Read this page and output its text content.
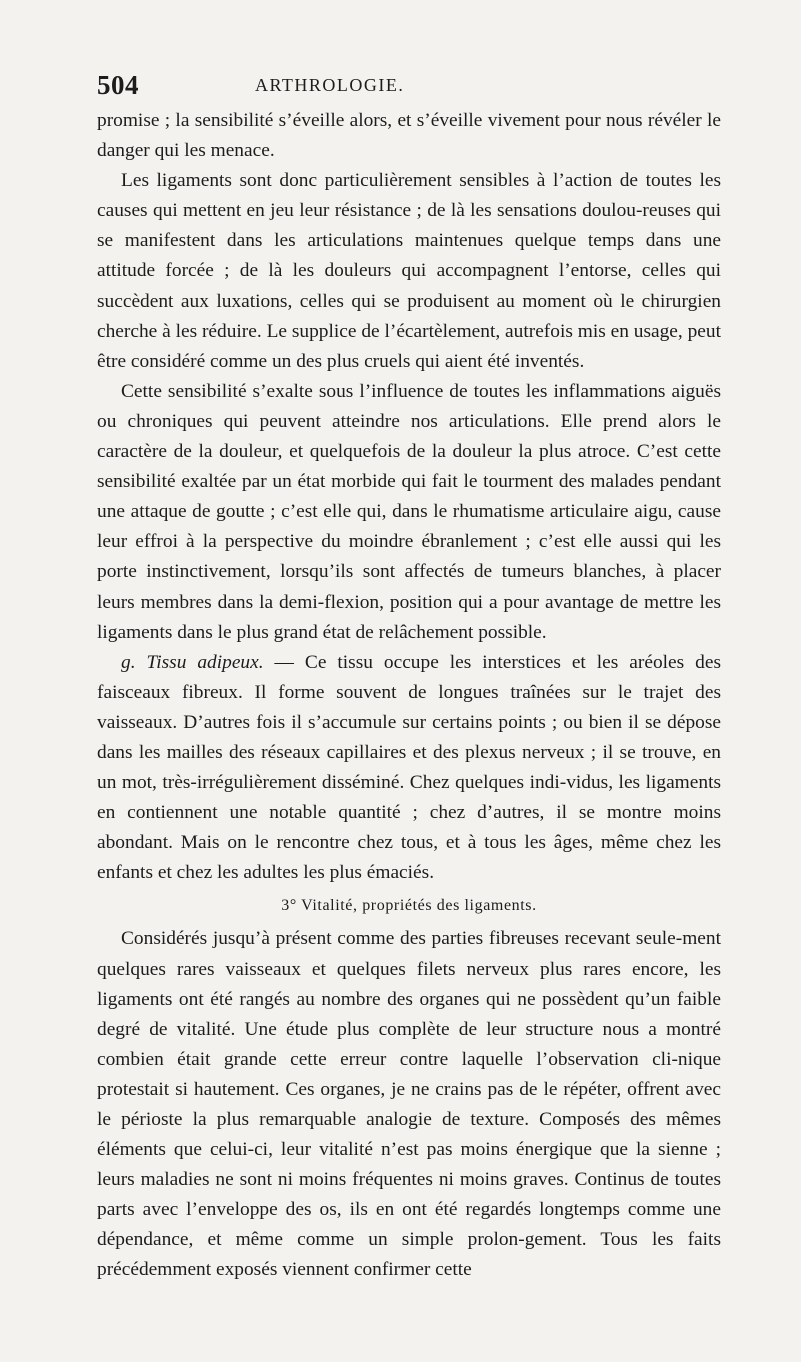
504	ARTHROLOGIE.

promise ; la sensibilité s’éveille alors, et s’éveille vivement pour nous révéler le danger qui les menace.

Les ligaments sont donc particulièrement sensibles à l’action de toutes les causes qui mettent en jeu leur résistance ; de là les sensations doulou-reuses qui se manifestent dans les articulations maintenues quelque temps dans une attitude forcée ; de là les douleurs qui accompagnent l’entorse, celles qui succèdent aux luxations, celles qui se produisent au moment où le chirurgien cherche à les réduire. Le supplice de l’écartèlement, autrefois mis en usage, peut être considéré comme un des plus cruels qui aient été inventés.

Cette sensibilité s’exalte sous l’influence de toutes les inflammations aiguës ou chroniques qui peuvent atteindre nos articulations. Elle prend alors le caractère de la douleur, et quelquefois de la douleur la plus atroce. C’est cette sensibilité exaltée par un état morbide qui fait le tourment des malades pendant une attaque de goutte ; c’est elle qui, dans le rhumatisme articulaire aigu, cause leur effroi à la perspective du moindre ébranlement ; c’est elle aussi qui les porte instinctivement, lorsqu’ils sont affectés de tumeurs blanches, à placer leurs membres dans la demi-flexion, position qui a pour avantage de mettre les ligaments dans le plus grand état de relâchement possible.

g. Tissu adipeux. — Ce tissu occupe les interstices et les aréoles des faisceaux fibreux. Il forme souvent de longues traînées sur le trajet des vaisseaux. D’autres fois il s’accumule sur certains points ; ou bien il se dépose dans les mailles des réseaux capillaires et des plexus nerveux ; il se trouve, en un mot, très-irrégulièrement disséminé. Chez quelques indi-vidus, les ligaments en contiennent une notable quantité ; chez d’autres, il se montre moins abondant. Mais on le rencontre chez tous, et à tous les âges, même chez les enfants et chez les adultes les plus émaciés.

3° Vitalité, propriétés des ligaments.

Considérés jusqu’à présent comme des parties fibreuses recevant seule-ment quelques rares vaisseaux et quelques filets nerveux plus rares encore, les ligaments ont été rangés au nombre des organes qui ne possèdent qu’un faible degré de vitalité. Une étude plus complète de leur structure nous a montré combien était grande cette erreur contre laquelle l’observation cli-nique protestait si hautement. Ces organes, je ne crains pas de le répéter, offrent avec le périoste la plus remarquable analogie de texture. Composés des mêmes éléments que celui-ci, leur vitalité n’est pas moins énergique que la sienne ; leurs maladies ne sont ni moins fréquentes ni moins graves. Continus de toutes parts avec l’enveloppe des os, ils en ont été regardés longtemps comme une dépendance, et même comme un simple prolon-gement. Tous les faits précédemment exposés viennent confirmer cette
